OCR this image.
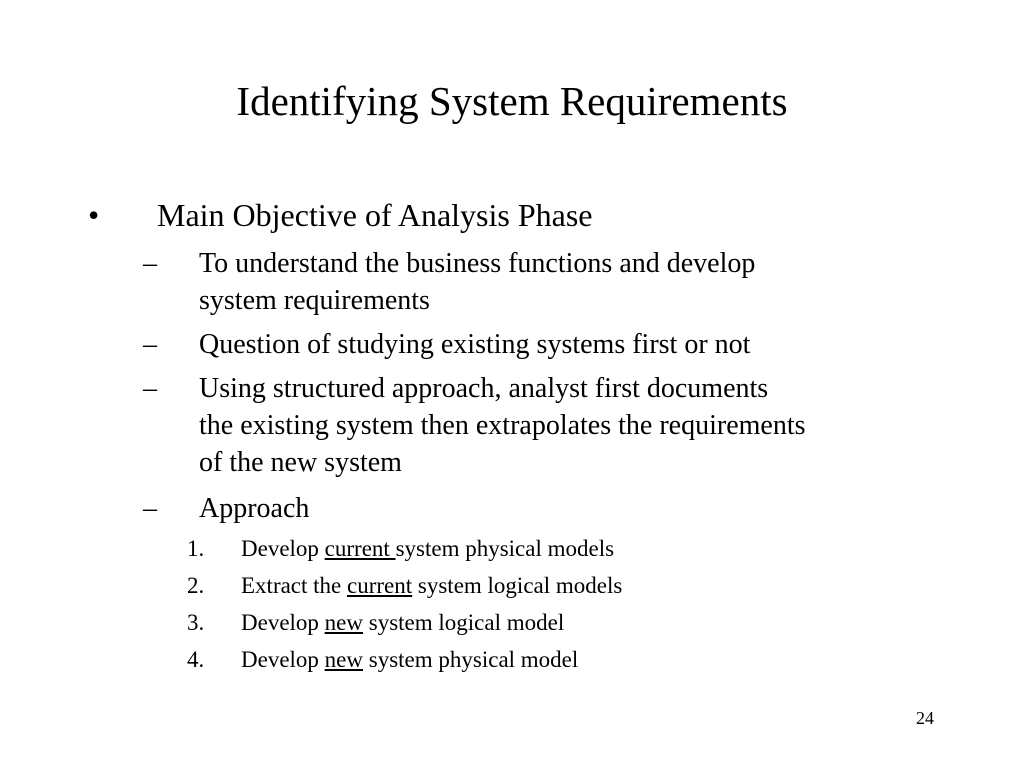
Identifying System Requirements
• Main Objective of Analysis Phase
– To understand the business functions and develop
system requirements
– Question of studying existing systems first or not
– Using structured approach, analyst first documents
the existing system then extrapolates the requirements
of the new system
– Approach
1. Develop current system physical models
2. Extract the current system logical models
3. Develop new system logical model
4. Develop new system physical model
24
